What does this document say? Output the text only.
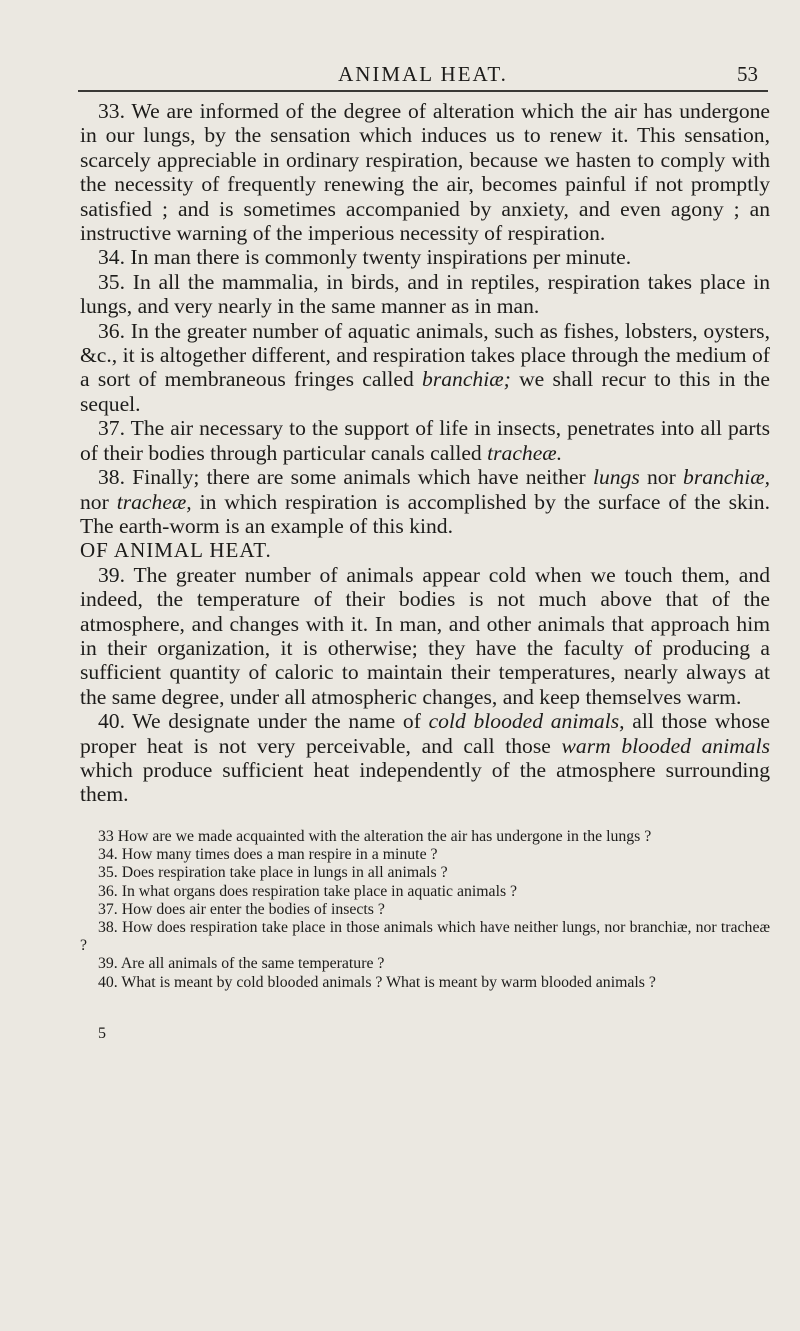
ANIMAL HEAT.	53

33. We are informed of the degree of alteration which the air has undergone in our lungs, by the sensation which induces us to renew it. This sensation, scarcely appreciable in ordinary respiration, because we hasten to comply with the necessity of frequently renewing the air, becomes painful if not promptly satisfied ; and is sometimes accompanied by anxiety, and even agony ; an instructive warning of the imperious necessity of respiration.

34. In man there is commonly twenty inspirations per minute.

35. In all the mammalia, in birds, and in reptiles, respiration takes place in lungs, and very nearly in the same manner as in man.

36. In the greater number of aquatic animals, such as fishes, lobsters, oysters, &c., it is altogether different, and respiration takes place through the medium of a sort of membraneous fringes called branchiæ; we shall recur to this in the sequel.

37. The air necessary to the support of life in insects, penetrates into all parts of their bodies through particular canals called tracheæ.

38. Finally; there are some animals which have neither lungs nor branchiæ, nor tracheæ, in which respiration is accomplished by the surface of the skin. The earth-worm is an example of this kind.

OF ANIMAL HEAT.

39. The greater number of animals appear cold when we touch them, and indeed, the temperature of their bodies is not much above that of the atmosphere, and changes with it. In man, and other animals that approach him in their organization, it is otherwise; they have the faculty of producing a sufficient quantity of caloric to maintain their temperatures, nearly always at the same degree, under all atmospheric changes, and keep themselves warm.

40. We designate under the name of cold blooded animals, all those whose proper heat is not very perceivable, and call those warm blooded animals which produce sufficient heat independently of the atmosphere surrounding them.

33 How are we made acquainted with the alteration the air has undergone in the lungs ?

34. How many times does a man respire in a minute ?

35. Does respiration take place in lungs in all animals ?

36. In what organs does respiration take place in aquatic animals ?

37. How does air enter the bodies of insects ?

38. How does respiration take place in those animals which have neither lungs, nor branchiæ, nor tracheæ ?

39. Are all animals of the same temperature ?

40. What is meant by cold blooded animals ? What is meant by warm blooded animals ?

5
